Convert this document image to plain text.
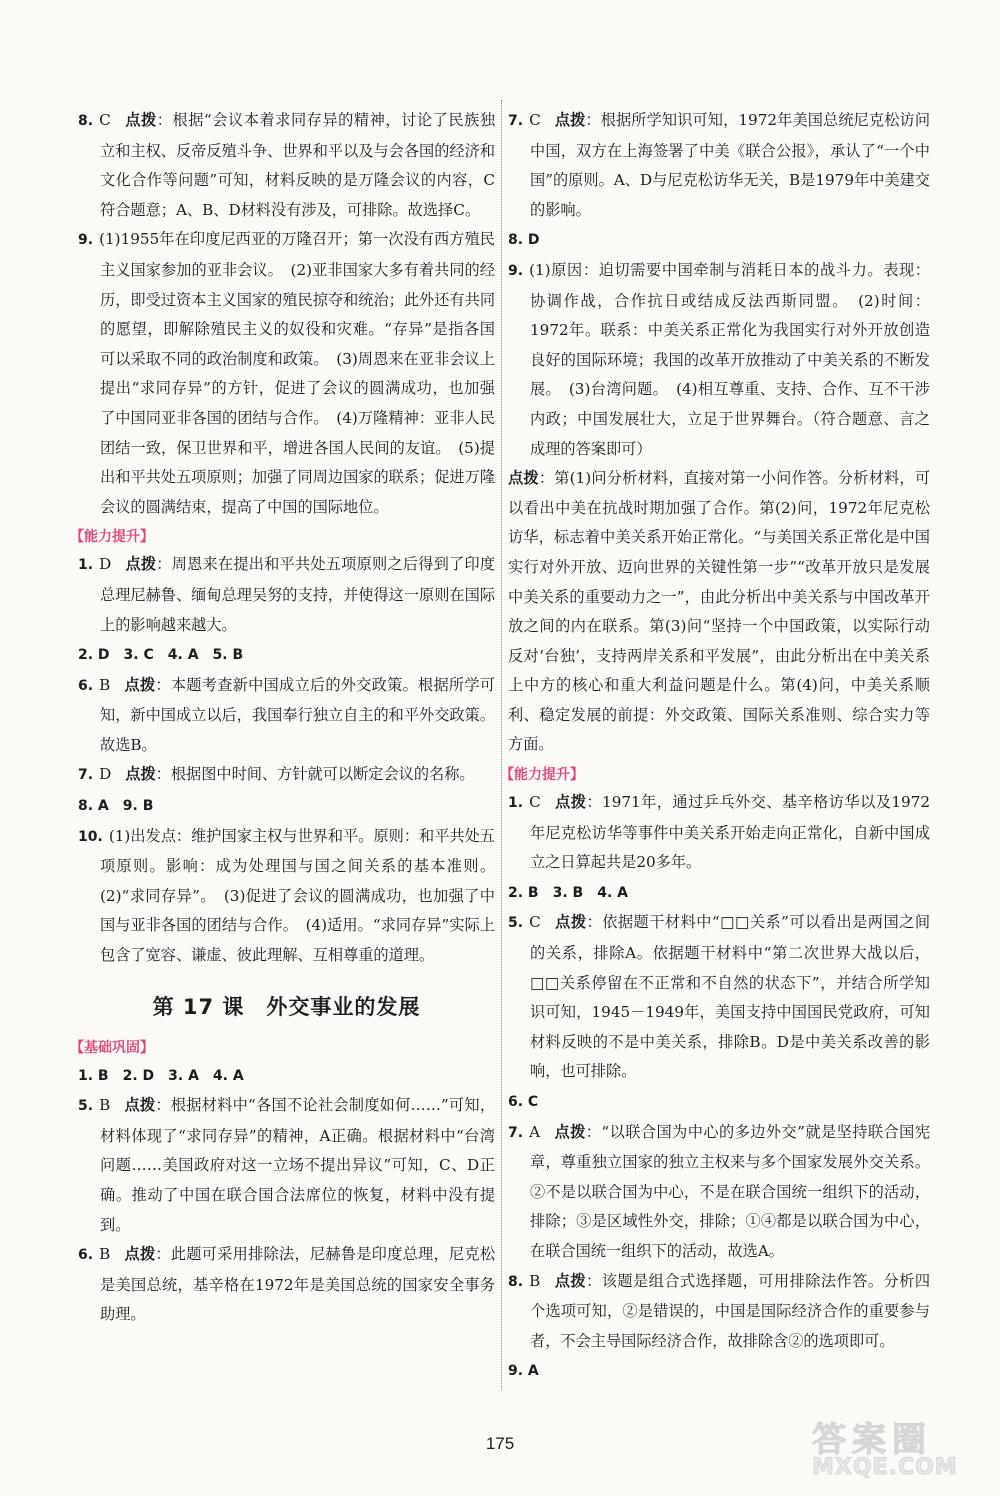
8. C 点拨：根据“会议本着求同存异的精神，讨论了民族独立和主权、反帝反殖斗争、世界和平以及与会各国的经济和文化合作等问题”可知，材料反映的是万隆会议的内容，C符合题意；A、B、D材料没有涉及，可排除。故选择C。
9. (1)1955年在印度尼西亚的万隆召开；第一次没有西方殖民主义国家参加的亚非会议。　(2)亚非国家大多有着共同的经历，即受过资本主义国家的殖民掠夺和统治；此外还有共同的愿望，即解除殖民主义的奴役和灾难。“存异”是指各国可以采取不同的政治制度和政策。　(3)周恩来在亚非会议上提出“求同存异”的方针，促进了会议的圆满成功，也加强了中国同亚非各国的团结与合作。　(4)万隆精神：亚非人民团结一致，保卫世界和平，增进各国人民间的友谊。　(5)提出和平共处五项原则；加强了同周边国家的联系；促进万隆会议的圆满结束，提高了中国的国际地位。
【能力提升】
1. D 点拨：周恩来在提出和平共处五项原则之后得到了印度总理尼赫鲁、缅甸总理吴努的支持，并使得这一原则在国际上的影响越来越大。
2. D　3. C　4. A　5. B
6. B 点拨：本题考查新中国成立后的外交政策。根据所学可知，新中国成立以后，我国奉行独立自主的和平外交政策。故选B。
7. D 点拨：根据图中时间、方针就可以断定会议的名称。
8. A　9. B
10. (1)出发点：维护国家主权与世界和平。原则：和平共处五项原则。影响：成为处理国与国之间关系的基本准则。(2)“求同存异”。　(3)促进了会议的圆满成功，也加强了中国与亚非各国的团结与合作。　(4)适用。“求同存异”实际上包含了宽容、谦虚、彼此理解、互相尊重的道理。
第 17 课　外交事业的发展
【基础巩固】
1. B　2. D　3. A　4. A
5. B 点拨：根据材料中“各国不论社会制度如何……”可知，材料体现了“求同存异”的精神，A正确。根据材料中“台湾问题……美国政府对这一立场不提出异议”可知，C、D正确。推动了中国在联合国合法席位的恢复，材料中没有提到。
6. B 点拨：此题可采用排除法，尼赫鲁是印度总理，尼克松是美国总统，基辛格在1972年是美国总统的国家安全事务助理。
7. C 点拨：根据所学知识可知，1972年美国总统尼克松访问中国，双方在上海签署了中美《联合公报》，承认了“一个中国”的原则。A、D与尼克松访华无关，B是1979年中美建交的影响。
8. D
9. (1)原因：迫切需要中国牵制与消耗日本的战斗力。表现：协调作战，合作抗日或结成反法西斯同盟。　(2)时间：1972年。联系：中美关系正常化为我国实行对外开放创造良好的国际环境；我国的改革开放推动了中美关系的不断发展。　(3)台湾问题。　(4)相互尊重、支持、合作、互不干涉内政；中国发展壮大，立足于世界舞台。（符合题意、言之成理的答案即可）
点拨：第(1)问分析材料，直接对第一小问作答。分析材料，可以看出中美在抗战时期加强了合作。第(2)问，1972年尼克松访华，标志着中美关系开始正常化。“与美国关系正常化是中国实行对外开放、迈向世界的关键性第一步”“改革开放只是发展中美关系的重要动力之一”，由此分析出中美关系与中国改革开放之间的内在联系。第(3)问“坚持一个中国政策，以实际行动反对‘台独’，支持两岸关系和平发展”，由此分析出在中美关系上中方的核心和重大利益问题是什么。第(4)问，中美关系顺利、稳定发展的前提：外交政策、国际关系准则、综合实力等方面。
【能力提升】
1. C 点拨：1971年，通过乒乓外交、基辛格访华以及1972年尼克松访华等事件中美关系开始走向正常化，自新中国成立之日算起共是20多年。
2. B　3. B　4. A
5. C 点拨：依据题干材料中“□□关系”可以看出是两国之间的关系，排除A。依据题干材料中“第二次世界大战以后，□□关系停留在不正常和不自然的状态下”，并结合所学知识可知，1945－1949年，美国支持中国国民党政府，可知材料反映的不是中美关系，排除B。D是中美关系改善的影响，也可排除。
6. C
7. A 点拨：“以联合国为中心的多边外交”就是坚持联合国宪章，尊重独立国家的独立主权来与多个国家发展外交关系。②不是以联合国为中心，不是在联合国统一组织下的活动，排除；③是区域性外交，排除；①④都是以联合国为中心，在联合国统一组织下的活动，故选A。
8. B 点拨：该题是组合式选择题，可用排除法作答。分析四个选项可知，②是错误的，中国是国际经济合作的重要参与者，不会主导国际经济合作，故排除含②的选项即可。
9. A
175	答案圈
MXQE.COM
